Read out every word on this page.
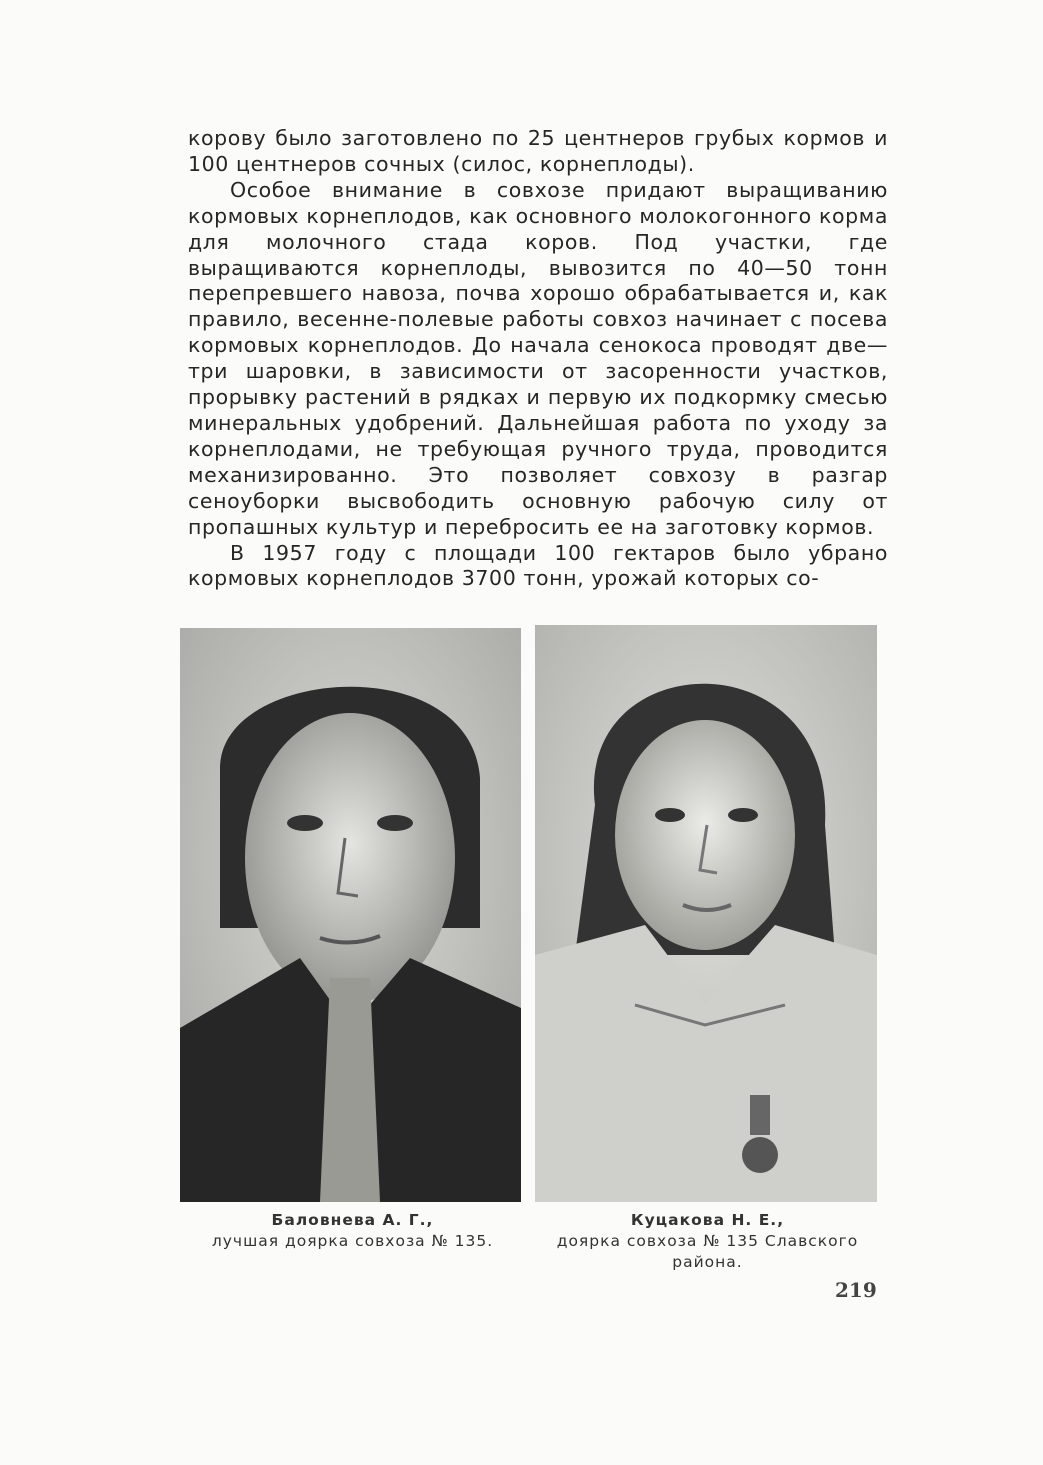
корову было заготовлено по 25 центнеров грубых кормов и 100 центнеров сочных (силос, корнеплоды).

Особое внимание в совхозе придают выращиванию кормовых корнеплодов, как основного молокогонного корма для молочного стада коров. Под участки, где выращиваются корнеплоды, вывозится по 40—50 тонн перепревшего навоза, почва хорошо обрабатывается и, как правило, весенне-полевые работы совхоз начинает с посева кормовых корнеплодов. До начала сенокоса проводят две—три шаровки, в зависимости от засоренности участков, прорывку растений в рядках и первую их подкормку смесью минеральных удобрений. Дальнейшая работа по уходу за корнеплодами, не требующая ручного труда, проводится механизированно. Это позволяет совхозу в разгар сеноуборки высвободить основную рабочую силу от пропашных культур и перебросить ее на заготовку кормов.

В 1957 году с площади 100 гектаров было убрано кормовых корнеплодов 3700 тонн, урожай которых со-

Баловнева А. Г.,
лучшая доярка совхоза № 135.
Куцакова Н. Е.,
доярка совхоза № 135 Славского района.
219
